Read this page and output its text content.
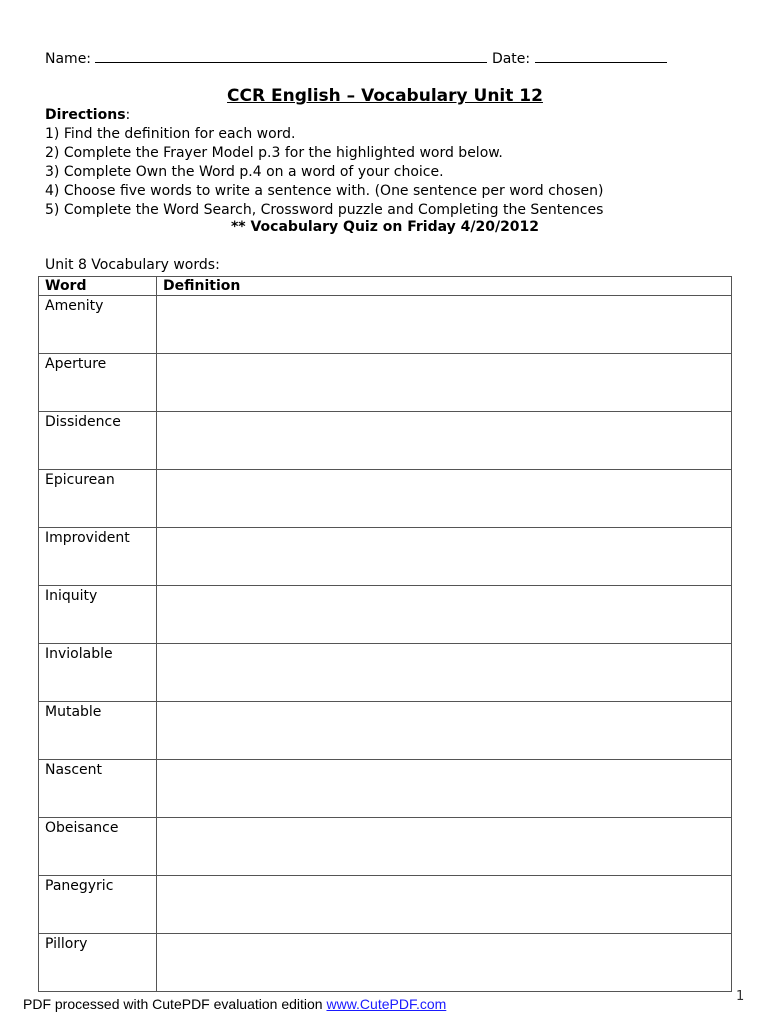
Name:	Date:
CCR English – Vocabulary Unit 12
Directions:
1) Find the definition for each word.
2) Complete the Frayer Model p.3 for the highlighted word below.
3) Complete Own the Word p.4 on a word of your choice.
4) Choose five words to write a sentence with. (One sentence per word chosen)
5) Complete the Word Search, Crossword puzzle and Completing the Sentences
** Vocabulary Quiz on Friday 4/20/2012
Unit 8 Vocabulary words:
Word	Definition
Amenity	
Aperture	
Dissidence	
Epicurean	
Improvident	
Iniquity	
Inviolable	
Mutable	
Nascent	
Obeisance	
Panegyric	
Pillory	
PDF processed with CutePDF evaluation edition www.CutePDF.com	1
